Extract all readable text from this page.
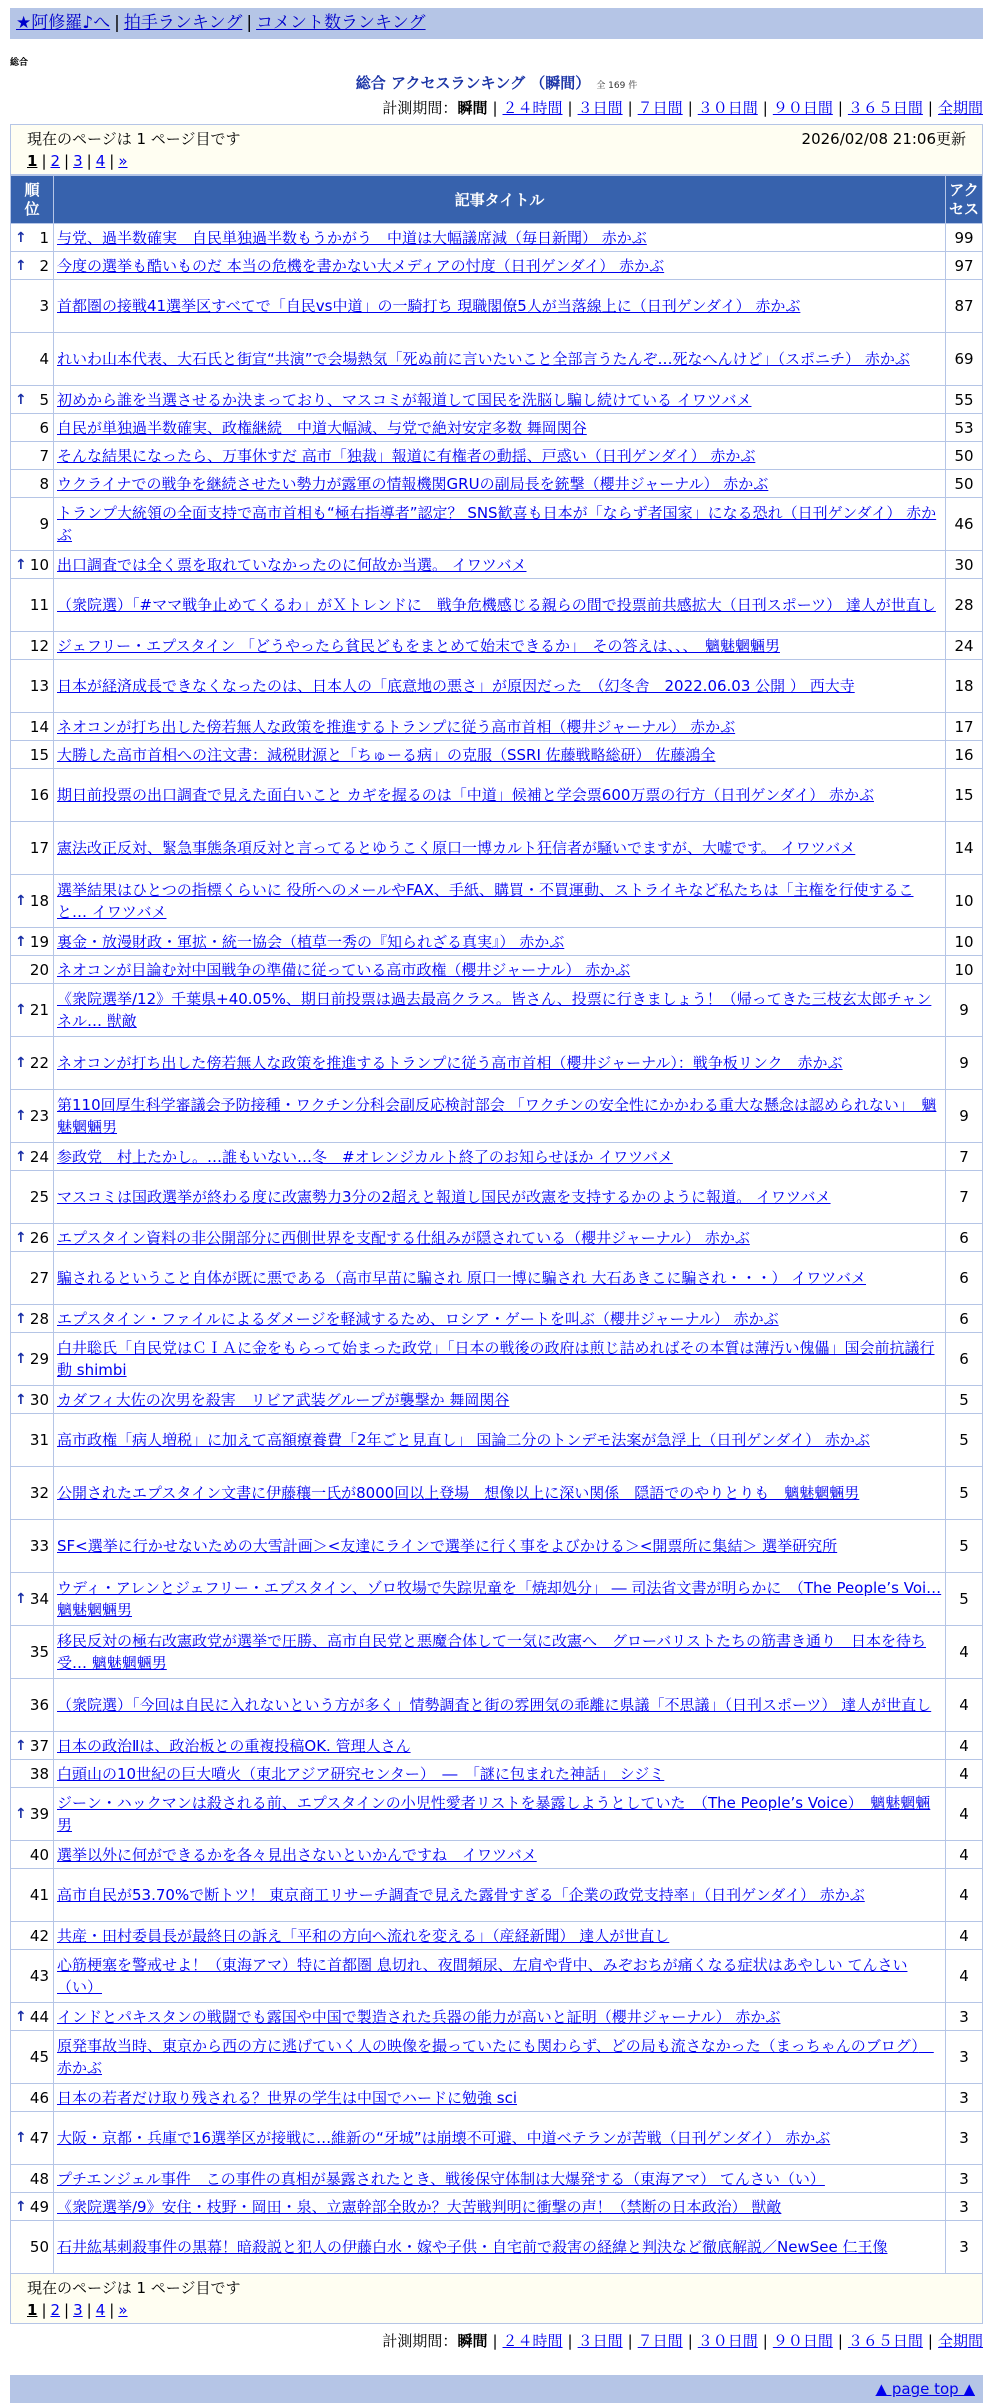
★阿修羅♪へ | 拍手ランキング | コメント数ランキング
総合
総合 アクセスランキング （瞬間） 全 169 件
計測期間：瞬間 | ２４時間 | ３日間 | ７日間 | ３０日間 | ９０日間 | ３６５日間 | 全期間
現在のページは 1 ページ目です	2026/02/08 21:06更新
1 | 2 | 3 | 4 | »
順位	記事タイトル	アクセス

↑ 1	与党、過半数確実　自民単独過半数もうかがう　中道は大幅議席減（毎日新聞） 赤かぶ	99

↑ 2	今度の選挙も酷いものだ 本当の危機を書かない大メディアの忖度（日刊ゲンダイ） 赤かぶ	97
3	首都圏の接戦41選挙区すべてで「自民vs中道」の一騎打ち 現職閣僚5人が当落線上に（日刊ゲンダイ） 赤かぶ	87
4	れいわ山本代表、大石氏と街宣“共演”で会場熱気「死ぬ前に言いたいこと全部言うたんぞ…死なへんけど」（スポニチ） 赤かぶ	69

↑ 5	初めから誰を当選させるか決まっており、マスコミが報道して国民を洗脳し騙し続けている イワツバメ	55
6	自民が単独過半数確実、政権継続　中道大幅減、与党で絶対安定多数 舞岡関谷	53
7	そんな結果になったら、万事休すだ 高市「独裁」報道に有権者の動揺、戸惑い（日刊ゲンダイ） 赤かぶ	50
8	ウクライナでの戦争を継続させたい勢力が露軍の情報機関GRUの副局長を銃撃（櫻井ジャーナル） 赤かぶ	50
9	トランプ大統領の全面支持で高市首相も“極右指導者”認定？ SNS歓喜も日本が「ならず者国家」になる恐れ（日刊ゲンダイ） 赤かぶ	46

↑ 10	出口調査では全く票を取れていなかったのに何故か当選。 イワツバメ	30
11	（衆院選）「#ママ戦争止めてくるわ」がＸトレンドに　戦争危機感じる親らの間で投票前共感拡大（日刊スポーツ） 達人が世直し	28
12	ジェフリー・エプスタイン 「どうやったら貧民どもをまとめて始末できるか」　その答えは、、、　魑魅魍魎男	24
13	日本が経済成長できなくなったのは、日本人の「底意地の悪さ」が原因だった　（幻冬舎　2022.06.03 公開 ） 西大寺	18
14	ネオコンが打ち出した傍若無人な政策を推進するトランプに従う高市首相（櫻井ジャーナル） 赤かぶ	17
15	大勝した高市首相への注文書：減税財源と「ちゅーる病」の克服（SSRI 佐藤戦略総研） 佐藤鴻全	16
16	期日前投票の出口調査で見えた面白いこと カギを握るのは「中道」候補と学会票600万票の行方（日刊ゲンダイ） 赤かぶ	15
17	憲法改正反対、緊急事態条項反対と言ってるとゆうこく原口一博カルト狂信者が騒いでますが、大嘘です。 イワツバメ	14

↑ 18	選挙結果はひとつの指標くらいに 役所へのメールやFAX、手紙、購買・不買運動、ストライキなど私たちは「主権を行使すること… イワツバメ	10

↑ 19	裏金・放漫財政・軍拡・統一協会（植草一秀の『知られざる真実』） 赤かぶ	10
20	ネオコンが目論む対中国戦争の準備に従っている高市政権（櫻井ジャーナル） 赤かぶ	10

↑ 21	《衆院選挙/12》千葉県+40.05%、期日前投票は過去最高クラス。皆さん、投票に行きましょう！（帰ってきた三枝玄太郎チャンネル… 獣敵	9

↑ 22	ネオコンが打ち出した傍若無人な政策を推進するトランプに従う高市首相（櫻井ジャーナル）：戦争板リンク　赤かぶ	9

↑ 23	第110回厚生科学審議会予防接種・ワクチン分科会副反応検討部会 「ワクチンの安全性にかかわる重大な懸念は認められない」　魑魅魍魎男	9

↑ 24	参政党　村上たかし。…誰もいない…冬　#オレンジカルト終了のお知らせほか イワツバメ	7
25	マスコミは国政選挙が終わる度に改憲勢力3分の2超えと報道し国民が改憲を支持するかのように報道。 イワツバメ	7

↑ 26	エプスタイン資料の非公開部分に西側世界を支配する仕組みが隠されている（櫻井ジャーナル） 赤かぶ	6
27	騙されるということ自体が既に悪である（高市早苗に騙され 原口一博に騙され 大石あきこに騙され・・・） イワツバメ	6

↑ 28	エプスタイン・ファイルによるダメージを軽減するため、ロシア・ゲートを叫ぶ（櫻井ジャーナル） 赤かぶ	6

↑ 29	白井聡氏「自民党はＣＩＡに金をもらって始まった政党」「日本の戦後の政府は煎じ詰めればその本質は薄汚い傀儡」国会前抗議行動 shimbi	6

↑ 30	カダフィ大佐の次男を殺害　リビア武装グループが襲撃か 舞岡関谷	5
31	高市政権「病人増税」に加えて高額療養費「2年ごと見直し」 国論二分のトンデモ法案が急浮上（日刊ゲンダイ） 赤かぶ	5
32	公開されたエプスタイン文書に伊藤穰一氏が8000回以上登場　想像以上に深い関係　隠語でのやりとりも　魑魅魍魎男	5
33	SF<選挙に行かせないための大雪計画＞<友達にラインで選挙に行く事をよびかける＞<開票所に集結＞ 選挙研究所	5

↑ 34	ウディ・アレンとジェフリー・エプスタイン、ゾロ牧場で失踪児童を「焼却処分」 ― 司法省文書が明らかに　（The People’s Voi… 魑魅魍魎男	5
35	移民反対の極右改憲政党が選挙で圧勝、高市自民党と悪魔合体して一気に改憲へ　グローバリストたちの筋書き通り　日本を待ち受… 魑魅魍魎男	4
36	（衆院選）「今回は自民に入れないという方が多く」情勢調査と街の雰囲気の乖離に県議「不思議」（日刊スポーツ） 達人が世直し	4

↑ 37	日本の政治Ⅱは、政治板との重複投稿OK. 管理人さん	4
38	白頭山の10世紀の巨大噴火（東北アジア研究センター）　―　「謎に包まれた神話」 シジミ	4

↑ 39	ジーン・ハックマンは殺される前、エプスタインの小児性愛者リストを暴露しようとしていた　（The People’s Voice）　魑魅魍魎男	4
40	選挙以外に何ができるかを各々見出さないといかんですね　イワツバメ	4
41	高市自民が53.70%で断トツ！ 東京商工リサーチ調査で見えた露骨すぎる「企業の政党支持率」（日刊ゲンダイ） 赤かぶ	4
42	共産・田村委員長が最終日の訴え「平和の方向へ流れを変える」（産経新聞） 達人が世直し	4
43	心筋梗塞を警戒せよ！（東海アマ）特に首都圏 息切れ、夜間頻尿、左肩や背中、みぞおちが痛くなる症状はあやしい てんさい（い）	4

↑ 44	インドとパキスタンの戦闘でも露国や中国で製造された兵器の能力が高いと証明（櫻井ジャーナル） 赤かぶ	3
45	原発事故当時、東京から西の方に逃げていく人の映像を撮っていたにも関わらず、どの局も流さなかった（まっちゃんのブログ）　赤かぶ	3
46	日本の若者だけ取り残される？世界の学生は中国でハードに勉強 sci	3

↑ 47	大阪・京都・兵庫で16選挙区が接戦に…維新の“牙城”は崩壊不可避、中道ベテランが苦戦（日刊ゲンダイ） 赤かぶ	3
48	プチエンジェル事件　この事件の真相が暴露されたとき、戦後保守体制は大爆発する（東海アマ） てんさい（い）	3

↑ 49	《衆院選挙/9》安住・枝野・岡田・泉、立憲幹部全敗か？大苦戦判明に衝撃の声！（禁断の日本政治） 獣敵	3
50	石井紘基刺殺事件の黒幕！暗殺説と犯人の伊藤白水・嫁や子供・自宅前で殺害の経緯と判決など徹底解説／NewSee 仁王像	3
現在のページは 1 ページ目です
1 | 2 | 3 | 4 | »
計測期間：瞬間 | ２４時間 | ３日間 | ７日間 | ３０日間 | ９０日間 | ３６５日間 | 全期間
▲ page top ▲
